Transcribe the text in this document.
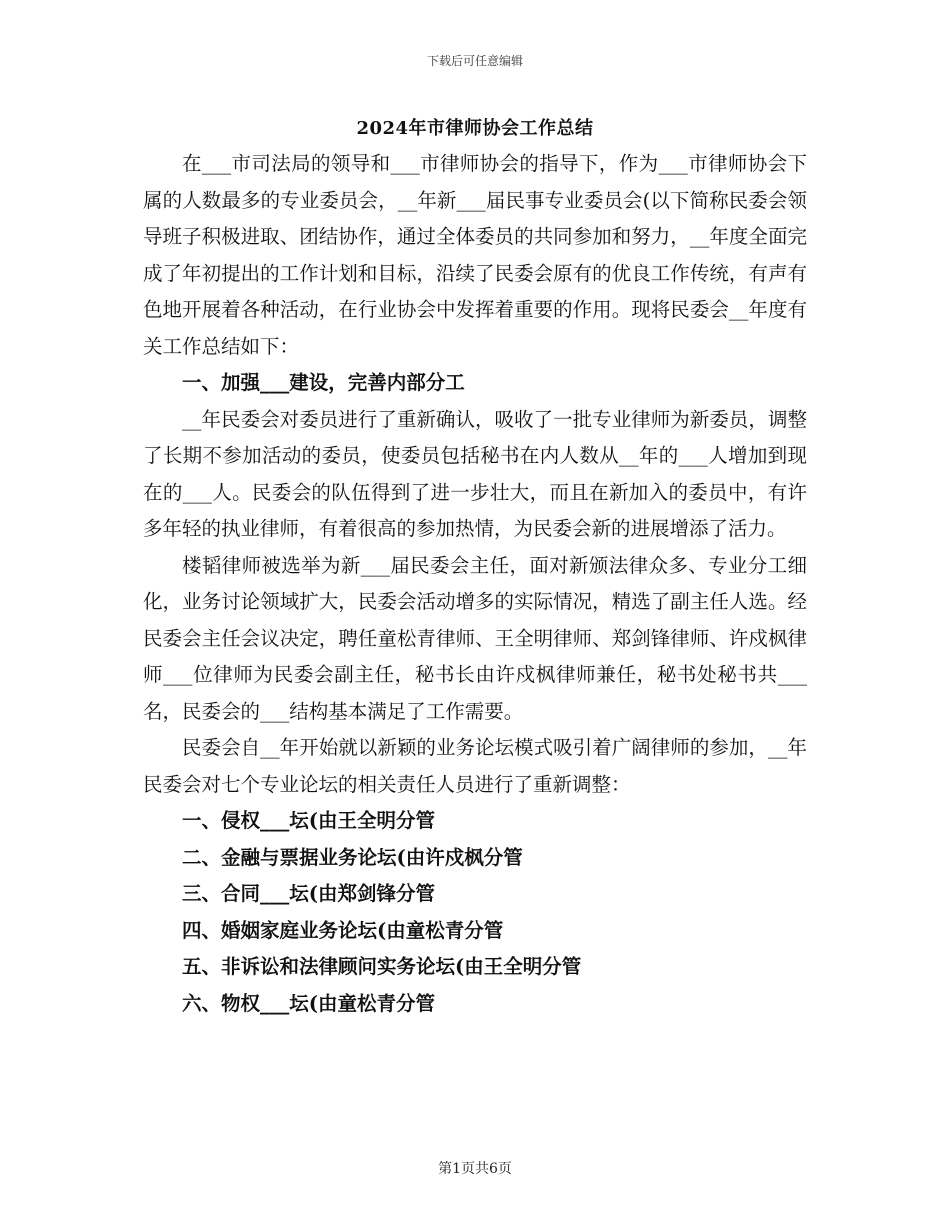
下载后可任意编辑
2024年市律师协会工作总结

在___市司法局的领导和___市律师协会的指导下，作为___市律师协会下属的人数最多的专业委员会，__年新___届民事专业委员会(以下简称民委会领导班子积极进取、团结协作，通过全体委员的共同参加和努力，__年度全面完成了年初提出的工作计划和目标，沿续了民委会原有的优良工作传统，有声有色地开展着各种活动，在行业协会中发挥着重要的作用。现将民委会__年度有关工作总结如下：

一、加强___建设，完善内部分工

__年民委会对委员进行了重新确认，吸收了一批专业律师为新委员，调整了长期不参加活动的委员，使委员包括秘书在内人数从__年的___人增加到现在的___人。民委会的队伍得到了进一步壮大，而且在新加入的委员中，有许多年轻的执业律师，有着很高的参加热情，为民委会新的进展增添了活力。

楼韬律师被选举为新___届民委会主任，面对新颁法律众多、专业分工细化，业务讨论领域扩大，民委会活动增多的实际情况，精选了副主任人选。经民委会主任会议决定，聘任童松青律师、王全明律师、郑剑锋律师、许戍枫律师___位律师为民委会副主任，秘书长由许戍枫律师兼任，秘书处秘书共___名，民委会的___结构基本满足了工作需要。

民委会自__年开始就以新颖的业务论坛模式吸引着广阔律师的参加，__年民委会对七个专业论坛的相关责任人员进行了重新调整：

一、侵权___坛(由王全明分管

二、金融与票据业务论坛(由许戍枫分管

三、合同___坛(由郑剑锋分管

四、婚姻家庭业务论坛(由童松青分管

五、非诉讼和法律顾问实务论坛(由王全明分管

六、物权___坛(由童松青分管

第1页共6页
